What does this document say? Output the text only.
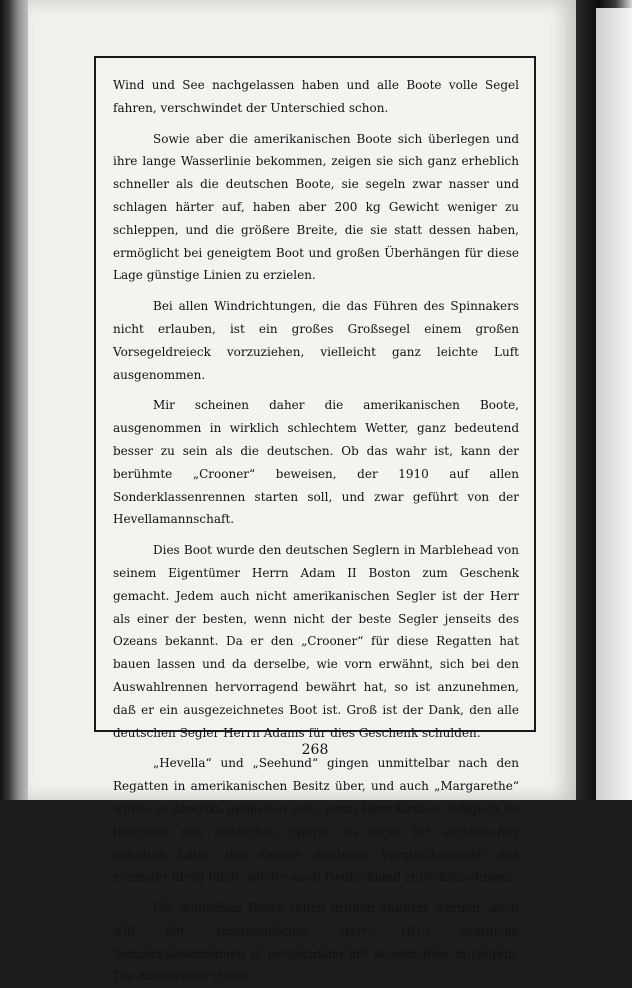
Wind und See nachgelassen haben und alle Boote volle Segel fahren, verschwindet der Unterschied schon.

Sowie aber die amerikanischen Boote sich überlegen und ihre lange Wasserlinie bekommen, zeigen sie sich ganz erheblich schneller als die deutschen Boote, sie segeln zwar nasser und schlagen härter auf, haben aber 200 kg Gewicht weniger zu schleppen, und die größere Breite, die sie statt dessen haben, ermöglicht bei geneigtem Boot und großen Überhängen für diese Lage günstige Linien zu erzielen.

Bei allen Windrichtungen, die das Führen des Spinnakers nicht erlauben, ist ein großes Großsegel einem großen Vorsegeldreieck vorzuziehen, vielleicht ganz leichte Luft ausgenommen.

Mir scheinen daher die amerikanischen Boote, ausgenommen in wirklich schlechtem Wetter, ganz bedeutend besser zu sein als die deutschen. Ob das wahr ist, kann der berühmte „Crooner“ beweisen, der 1910 auf allen Sonderklassenrennen starten soll, und zwar geführt von der Hevellamannschaft.

Dies Boot wurde den deutschen Seglern in Marblehead von seinem Eigentümer Herrn Adam II Boston zum Geschenk gemacht. Jedem auch nicht amerikanischen Segler ist der Herr als einer der besten, wenn nicht der beste Segler jenseits des Ozeans bekannt. Da er den „Crooner“ für diese Regatten hat bauen lassen und da derselbe, wie vorn erwähnt, sich bei den Auswahlrennen hervorragend bewährt hat, so ist anzunehmen, daß er ein ausgezeichnetes Boot ist. Groß ist der Dank, den alle deutschen Segler Herrn Adams für dies Geschenk schulden.

„Hevella“ und „Seehund“ gingen unmittelbar nach den Regatten in amerikanischen Besitz über, und auch „Margarethe“ würde in Amerika geblieben sein, wenn Herr Kirsten, lediglich im Interesse des deutschen Sports, es nicht für vorteilhafter gehalten hätte, das einzige deutsche Vergleichsobjekt, das nunmehr übrig blieb, wieder nach Deutschland zurückzunehmen.

Die deutschen Boote sollen drüben studiert werden, auch will ein amerikanischer Herr 1910 sämtliche Sonderklassenrennen in Deutschland mit seinem Boot mitsegeln. Die Amerikaner rüsten

268
